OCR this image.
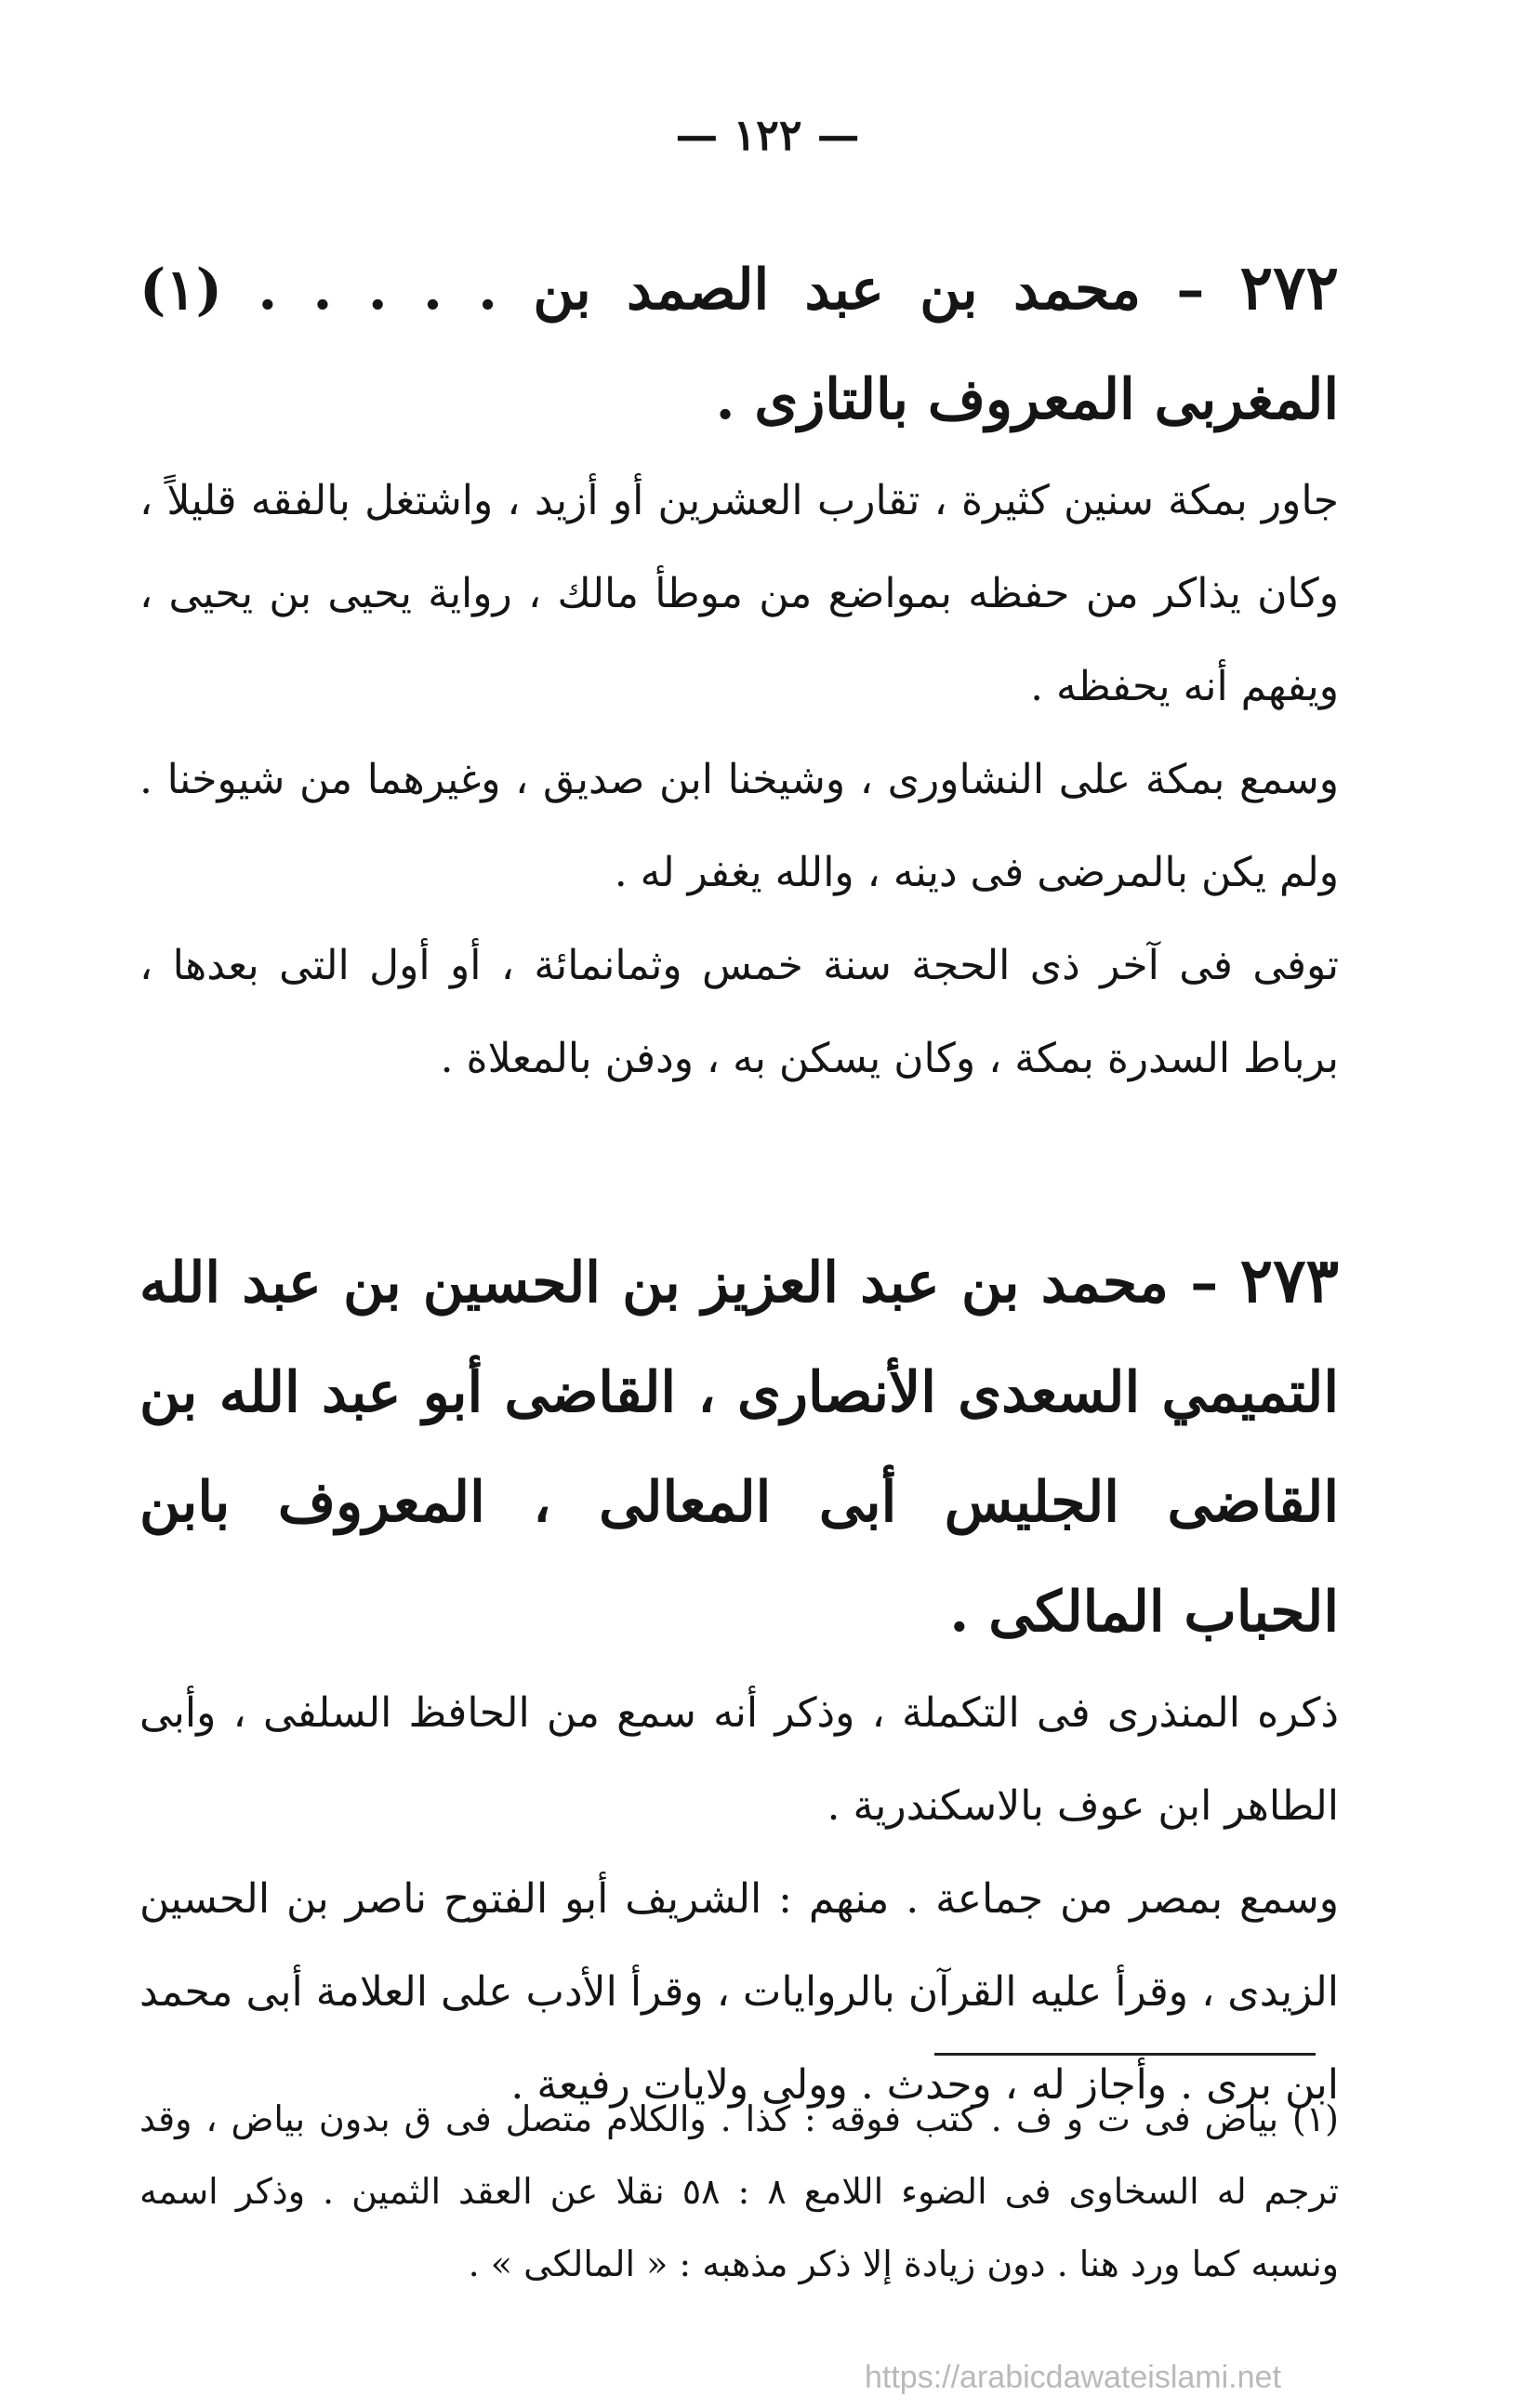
— ١٢٢ —
٢٧٢ – محمد بن عبد الصمد بن . . . . . (١) المغربى المعروف بالتازى .
جاور بمكة سنين كثيرة ، تقارب العشرين أو أزيد ، واشتغل بالفقه قليلاً ، وكان يذاكر من حفظه بمواضع من موطأ مالك ، رواية يحيى بن يحيى ، ويفهم أنه يحفظه .
وسمع بمكة على النشاورى ، وشيخنا ابن صديق ، وغيرهما من شيوخنا . ولم يكن بالمرضى فى دينه ، والله يغفر له .
توفى فى آخر ذى الحجة سنة خمس وثمانمائة ، أو أول التى بعدها ، برباط السدرة بمكة ، وكان يسكن به ، ودفن بالمعلاة .
٢٧٣ – محمد بن عبد العزيز بن الحسين بن عبد الله التميمي السعدى الأنصارى ، القاضى أبو عبد الله بن القاضى الجليس أبى المعالى ، المعروف بابن الحباب المالكى .
ذكره المنذرى فى التكملة ، وذكر أنه سمع من الحافظ السلفى ، وأبى الطاهر ابن عوف بالاسكندرية .
وسمع بمصر من جماعة . منهم : الشريف أبو الفتوح ناصر بن الحسين الزيدى ، وقرأ عليه القرآن بالروايات ، وقرأ الأدب على العلامة أبى محمد ابن برى . وأجاز له ، وحدث . وولى ولايات رفيعة .
(١) بياض فى ت و ف . كتب فوقه : كذا . والكلام متصل فى ق بدون بياض ، وقد ترجم له السخاوى فى الضوء اللامع ٨ : ٥٨ نقلا عن العقد الثمين . وذكر اسمه ونسبه كما ورد هنا . دون زيادة إلا ذكر مذهبه : « المالكى » .
https://arabicdawateislami.net
